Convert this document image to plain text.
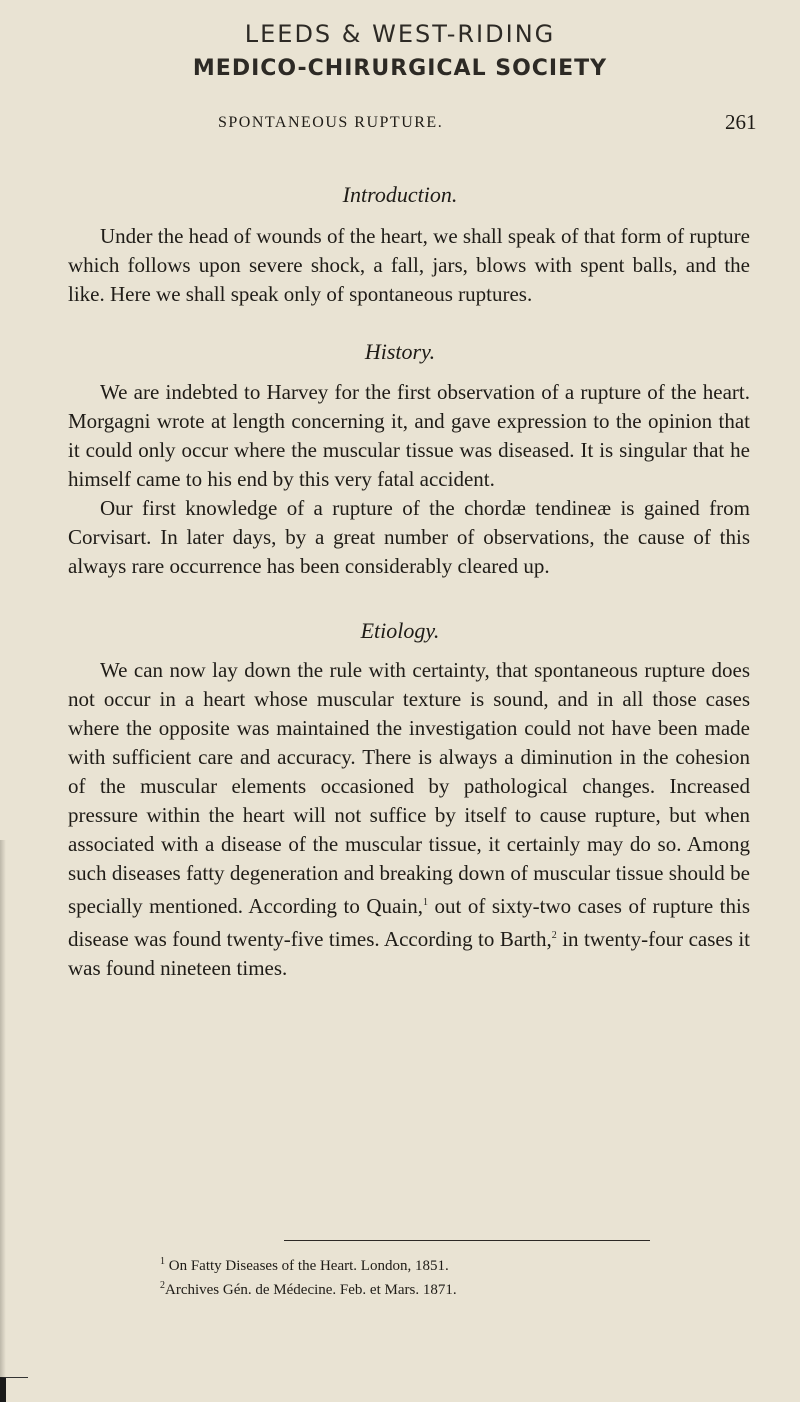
LEEDS & WEST-RIDING
MEDICO-CHIRURGICAL SOCIETY
SPONTANEOUS RUPTURE.	261
Introduction.

Under the head of wounds of the heart, we shall speak of that form of rupture which follows upon severe shock, a fall, jars, blows with spent balls, and the like. Here we shall speak only of spontaneous ruptures.

History.

We are indebted to Harvey for the first observation of a rupture of the heart. Morgagni wrote at length concerning it, and gave expression to the opinion that it could only occur where the muscular tissue was diseased. It is singular that he himself came to his end by this very fatal accident.

Our first knowledge of a rupture of the chordæ tendineæ is gained from Corvisart. In later days, by a great number of observations, the cause of this always rare occurrence has been considerably cleared up.

Etiology.

We can now lay down the rule with certainty, that spontaneous rupture does not occur in a heart whose muscular texture is sound, and in all those cases where the opposite was maintained the investigation could not have been made with sufficient care and accuracy. There is always a diminution in the cohesion of the muscular elements occasioned by pathological changes. Increased pressure within the heart will not suffice by itself to cause rupture, but when associated with a disease of the muscular tissue, it certainly may do so. Among such diseases fatty degeneration and breaking down of muscular tissue should be specially mentioned. According to Quain,$^1$ out of sixty-two cases of rupture this disease was found twenty-five times. According to Barth,$^2$ in twenty-four cases it was found nineteen times.

$^1$ On Fatty Diseases of the Heart. London, 1851.

$^2$Archives Gén. de Médecine. Feb. et Mars. 1871.
